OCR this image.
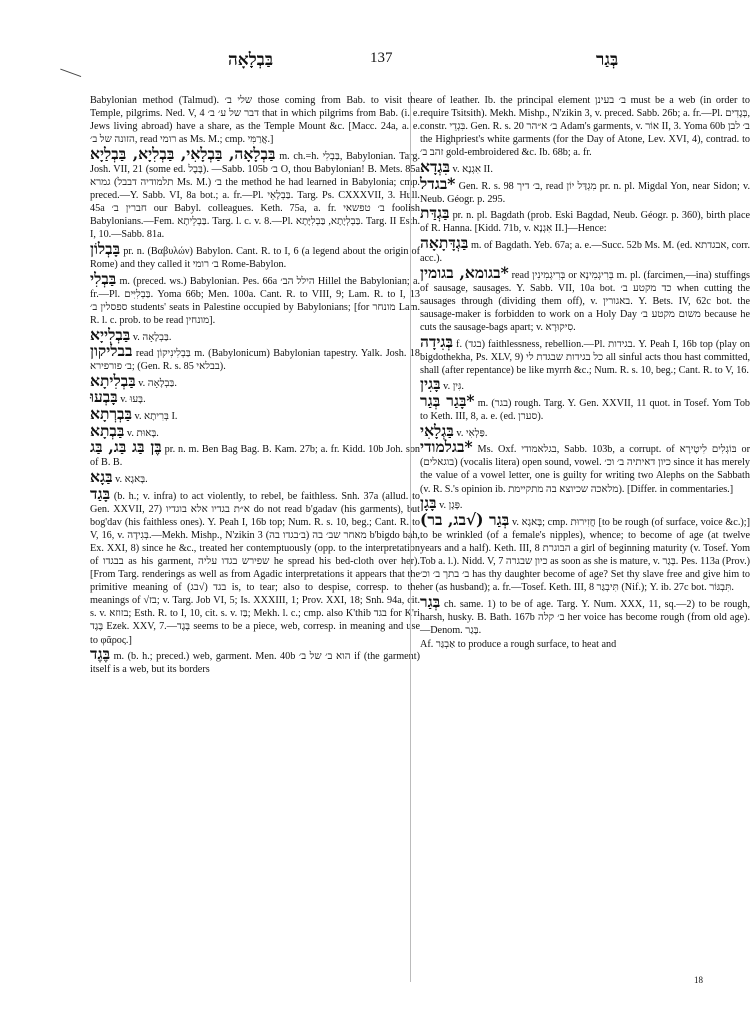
בַּבְלָאָה	137	בְּגַר

Babylonian method (Talmud). שלי ב׳ those coming from Bab. to visit the Temple, pilgrims. Ned. V, 4 דבר של ע׳ ב׳ that in which pilgrims from Bab. (i. e. Jews living abroad) have a share, as the Temple Mount &c. [Macc. 24a, a. e. הזונה של ב׳, read רומי as Ms. M.; cmp. אֲרַמִּי.]

בַּבְלָאָה, בַּבְלָאִי, בַּבְלִיָא, בַּבְלַיָא m. ch.=h. בַּבְלִי, Babylonian. Targ. Josh. VII, 21 (some ed. בָּבֶל). —Sabb. 105b ב׳ O, thou Babylonian! B. Mets. 85a גמרא (תלמודיה דבבל Ms. M.) ב׳ the method he had learned in Babylonia; cmp. preced.—Y. Sabb. VI, 8a bot.; a. fr.—Pl. בַּבְלָאֵי. Targ. Ps. CXXXVII, 3. Hull. 45a חברין ב׳ our Babyl. colleagues. Keth. 75a, a. fr. ב׳ טפשאי foolish Babylonians.—Fem. בַּבְלֵיתָא. Targ. l. c. v. 8.—Pl. בַּבְלְיָתָא, בַּבְלִיָּתָא. Targ. II Esth. I, 10.—Sabb. 81a.

בָּבְלוֹן pr. n. (Βαβυλών) Babylon. Cant. R. to I, 6 (a legend about the origin of Rome) and they called it ב׳ רומי Rome-Babylon.

בַּבְלִי m. (preced. ws.) Babylonian. Pes. 66a הילל הב׳ Hillel the Babylonian; a. fr.—Pl. בַּבְלִיִּים. Yoma 66b; Men. 100a. Cant. R. to VIII, 9; Lam. R. to I, 13 ספסלין ב׳ students' seats in Palestine occupied by Babylonians; [for מונחר Lam. R. l. c. prob. to be read מונחין].

בַּבְלִייָא v. בַּבְלָאָה.

בבליקון read בַּבְלִינִיקוֹן m. (Babylonicum) Babylonian tapestry. Yalk. Josh. 18 ב׳ פורפירא; (Gen. R. s. 85 בבלאי).

בַּבְלִיתָא v. בַּבְלָאָה.

בָּבְעוּ v. בָּעוּ.

בַּבְרְתָא v. בְּרִיתָא I.

בַּבְתָא v. בָּאוּת.

בֶּן בַּג בַּג, בַּג pr. n. m. Ben Bag Bag. B. Kam. 27b; a. fr. Kidd. 10b Joh. son of B. B.

בַּגָא v. בָּאגָא.

בָּגַד (b. h.; v. infra) to act violently, to rebel, be faithless. Snh. 37a (allud. to Gen. XXVII, 27) א״ת בגדיו אלא בוגדיו do not read b'gadav (his garments), but bog'dav (his faithless ones). Y. Peah I, 16b top; Num. R. s. 10, beg.; Cant. R. to V, 16, v. בְּגִידָה.—Mekh. Mishp., N'zikin 3 מאחר שב׳ בה (ב׳בגדו בה) b'bigdo bah, Ex. XXI, 8) since he &c., treated her contemptuously (opp. to the interpretation of בבגדו as his garment, שפירש בגדו עליה he spread his bed-cloth over her). [From Targ. renderings as well as from Agadic interpretations it appears that the primitive meaning of בגד (√בג) is, to tear; also to despise, corresp. to the meanings of √בז; v. Targ. Job VI, 5; Is. XXXIII, 1; Prov. XXI, 18; Snh. 94a, cit. s. v. בזוזא; Esth. R. to I, 10, cit. s. v. בַּז; Mekh. l. c.; cmp. also K'thib בגד for K'ri בֶּגֶד Ezek. XXV, 7.—בֶּגֶד seems to be a piece, web, corresp. in meaning and use to φᾶρος.]

בֶּגֶד m. (b. h.; preced.) web, garment. Men. 40b הוא ב׳ של ב׳ if (the garment) itself is a web, but its borders

are of leather. Ib. the principal element ב׳ בעינן must be a web (in order to require Tsitsith). Mekh. Mishp., N'zikin 3, v. preced. Sabb. 26b; a. fr.—Pl. בְּגָדִים, constr. בִּגְדֵי. Gen. R. s. 20 ב׳ א״הר Adam's garments, v. אוֹר II, 3. Yoma 60b ב׳ לבן the Highpriest's white garments (for the Day of Atone, Lev. XVI, 4), contrad. to זהב ב׳ gold-embroidered &c. Ib. 68b; a. fr.

בִּגְדָא v. אִגְנָא II.

*בגדל Gen. R. s. 98 ב׳ דיך, read מִגְדַּל יוֹן pr. n. pl. Migdal Yon, near Sidon; v. Neub. Géogr. p. 295.

בַּגְדַּת pr. n. pl. Bagdath (prob. Eski Bagdad, Neub. Géogr. p. 360), birth place of R. Hanna. [Kidd. 71b, v. אִגְנָא II.]—Hence:

בַּגְדָּתָאָה m. of Bagdath. Yeb. 67a; a. e.—Succ. 52b Ms. M. (ed. אבגדתא, corr. acc.).

*בגומא, בגומין read בְּרִיגְמִינִין or בְּרִיגְמִינָא m. pl. (farcimen,—ina) stuffings of sausage, sausages. Y. Sabb. VII, 10a bot. כד מקטע ב׳ when cutting the sausages through (dividing them off), v. באגורין. Y. Bets. IV, 62c bot. the sausage-maker is forbidden to work on a Holy Day משום מקטע ב׳ because he cuts the sausage-bags apart; v. סִיקוּרָא.

בְּגִידָה f. (בגד) faithlessness, rebellion.—Pl. בגידות. Y. Peah I, 16b top (play on bigdothekha, Ps. XLV, 9) כל בגידות שבגדת לי all sinful acts thou hast committed, shall (after repentance) be like myrrh &c.; Num. R. s. 10, beg.; Cant. R. to V, 16.

בָּגִין v. גִּין.

*בָּגַר בְּגַר m. (בגר) rough. Targ. Y. Gen. XXVII, 11 quot. in Tosef. Yom Tob to Keth. III, 8, a. e. (ed. סערן).

בַּגְלָאִי v. פַּלְאִי.

*בגלמודי Ms. Oxf. בגלאמודי, Sabb. 103b, a corrupt. of בּוֹגְלִים לִיטֶירָא or (בוגאלים) (vocalis litera) open sound, vowel. כיון דאיתיה ב׳ וכ׳ since it has merely the value of a vowel letter, one is guilty for writing two Alephs on the Sabbath (v. R. S.'s opinion ib. מלאכה שכיוצא בה מתקיימת). [Differ. in commentaries.]

בָּגָן v. פָּגָן.

בְּגַר (√בג, בר) v. בָּאגָא; cmp. חֲזִירוּת [to be rough (of surface, voice &c.);] to be wrinkled (of a female's nipples), whence; to become of age (at twelve years and a half). Keth. III, 8 הבוגרת a girl of beginning maturity (v. Tosef. Yom Tob a. l.). Nidd. V, 7 כיון שבגרה as soon as she is mature, v. בְּגַר. Pes. 113a (Prov.) ב׳ בתך ב׳ וכ׳ has thy daughter become of age? Set thy slave free and give him to her (as husband); a. fr.—Tosef. Keth. III, 8 תִּיבְגַּר (Nif.); Y. ib. 27c bot. תִּבְגּוֹר.

בְּגַר ch. same. 1) to be of age. Targ. Y. Num. XXX, 11, sq.—2) to be rough, harsh, husky. B. Bath. 167b ב׳ קלה her voice has become rough (from old age).—Denom. בָּגַר.

Af. אַבְגַּר to produce a rough surface, to heat and

18
